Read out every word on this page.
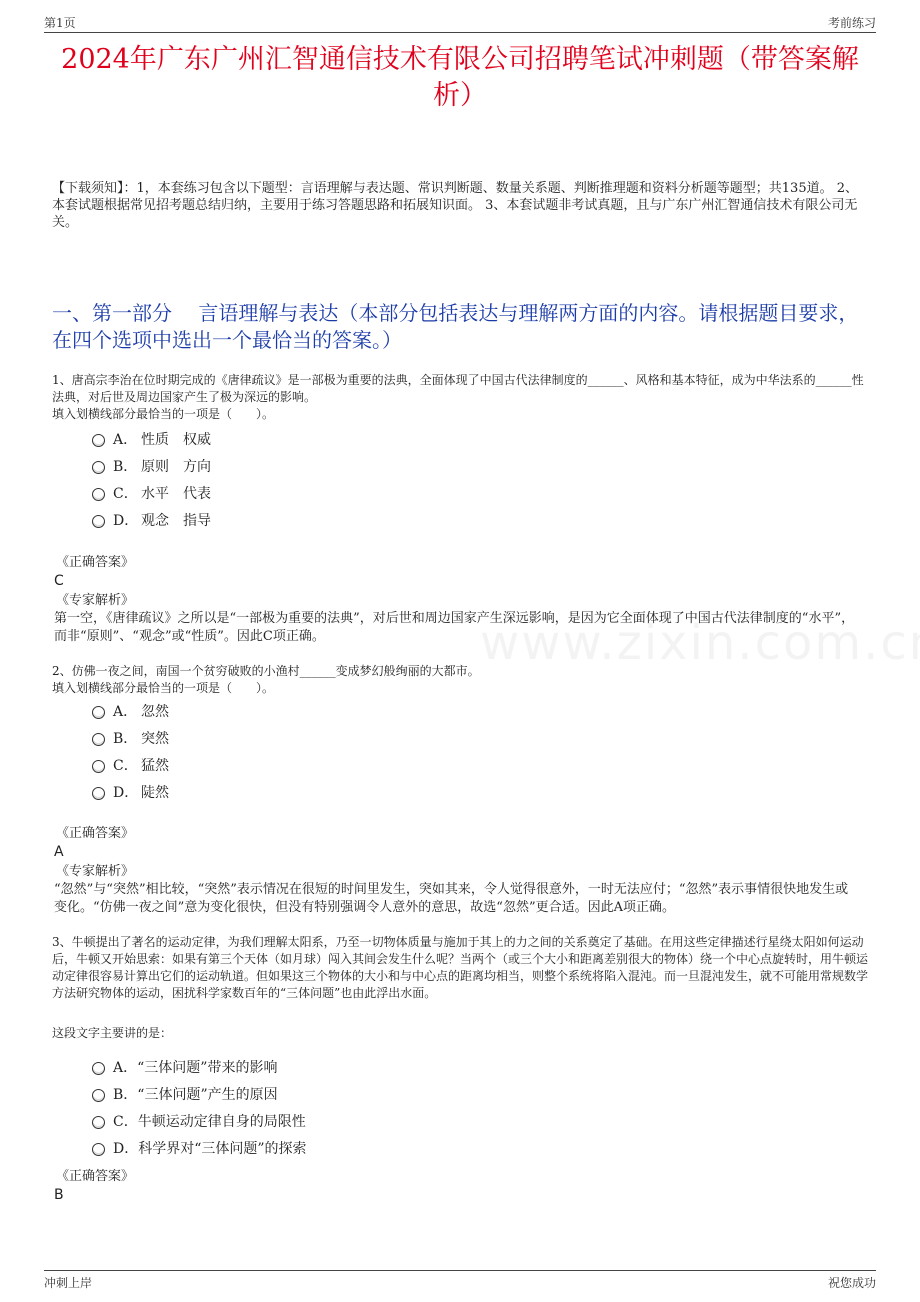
第1页	考前练习
2024年广东广州汇智通信技术有限公司招聘笔试冲刺题（带答案解析）
【下载须知】：1，本套练习包含以下题型：言语理解与表达题、常识判断题、数量关系题、判断推理题和资料分析题等题型；共135道。 2、本套试题根据常见招考题总结归纳，主要用于练习答题思路和拓展知识面。 3、本套试题非考试真题，且与广东广州汇智通信技术有限公司无关。
一、第一部分　 言语理解与表达（本部分包括表达与理解两方面的内容。请根据题目要求，在四个选项中选出一个最恰当的答案。）
1、唐高宗李治在位时期完成的《唐律疏议》是一部极为重要的法典，全面体现了中国古代法律制度的______、风格和基本特征，成为中华法系的______性法典，对后世及周边国家产生了极为深远的影响。
填入划横线部分最恰当的一项是（　　）。
A． 性质　权威
B． 原则　方向
C． 水平　代表
D． 观念　指导
《正确答案》
C
《专家解析》
第一空，《唐律疏议》之所以是“一部极为重要的法典”，对后世和周边国家产生深远影响，是因为它全面体现了中国古代法律制度的“水平”，而非“原则”、“观念”或“性质”。因此C项正确。
2、仿佛一夜之间，南国一个贫穷破败的小渔村______变成梦幻般绚丽的大都市。
填入划横线部分最恰当的一项是（　　）。
A． 忽然
B． 突然
C． 猛然
D． 陡然
《正确答案》
A
《专家解析》
“忽然”与“突然”相比较，“突然”表示情况在很短的时间里发生，突如其来，令人觉得很意外，一时无法应付；“忽然”表示事情很快地发生或变化。“仿佛一夜之间”意为变化很快，但没有特别强调令人意外的意思，故选“忽然”更合适。因此A项正确。
3、牛顿提出了著名的运动定律，为我们理解太阳系，乃至一切物体质量与施加于其上的力之间的关系奠定了基础。在用这些定律描述行星绕太阳如何运动后，牛顿又开始思索：如果有第三个天体（如月球）闯入其间会发生什么呢？当两个（或三个大小和距离差别很大的物体）绕一个中心点旋转时，用牛顿运动定律很容易计算出它们的运动轨道。但如果这三个物体的大小和与中心点的距离均相当，则整个系统将陷入混沌。而一旦混沌发生，就不可能用常规数学方法研究物体的运动，困扰科学家数百年的“三体问题”也由此浮出水面。
这段文字主要讲的是：
A．“三体问题”带来的影响
B．“三体问题”产生的原因
C．牛顿运动定律自身的局限性
D．科学界对“三体问题”的探索
《正确答案》
B
冲刺上岸	祝您成功
